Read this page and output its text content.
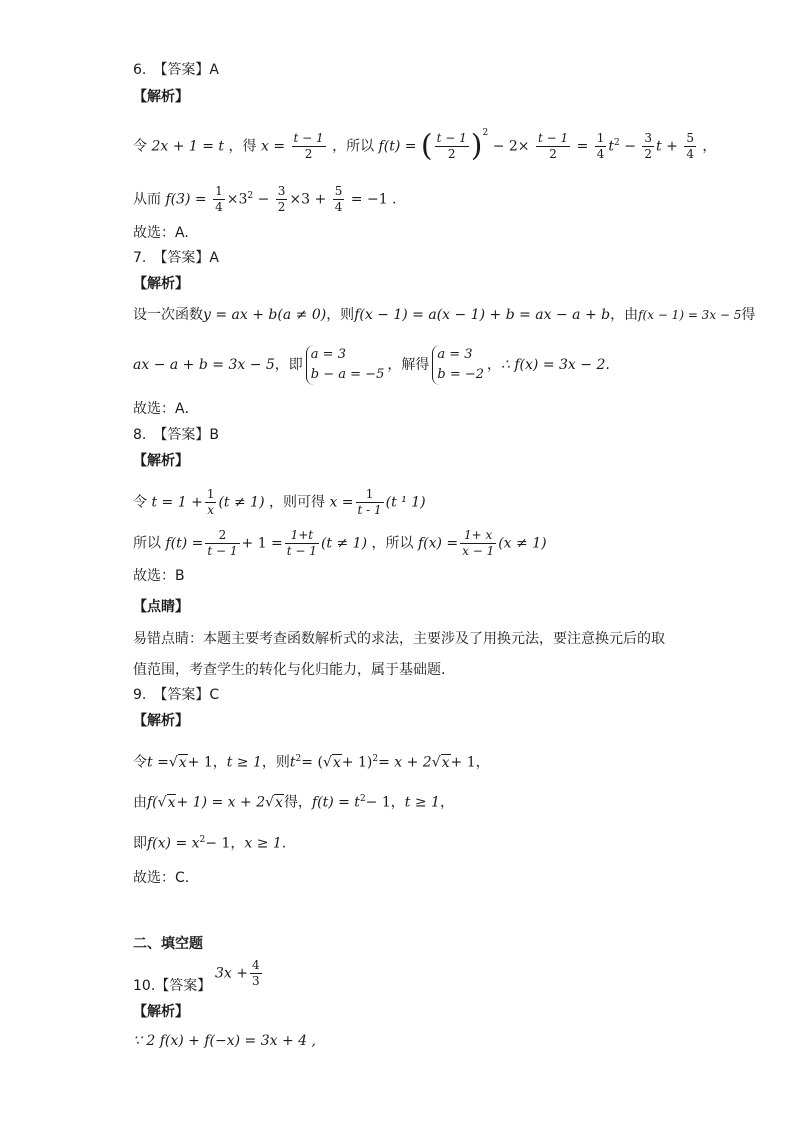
6.　【答案】A
【解析】
令 2x + 1 = t ，得 $x = \frac{t - 1}{2}$ ，所以 f(t) = ( $\frac{t - 1}{2} )^2 - 2\times \frac{t - 1}{2} = \frac{1}{4} t^2 - \frac{3}{2}$ $t + \frac{5}{4}$ ，
从而 $f(3) = \frac{1}{4} \times 3^2 - \frac{3}{2} \times 3 + \frac{5}{4} = -1$ .
故选：A.
7.　【答案】A
【解析】
设一次函数y = ax + b(a ≠ 0)，则f(x − 1) = a(x − 1) + b = ax − a + b，由f(x − 1) = 3x − 5得
ax − a + b = 3x − 5，即
a = 3
b − a = −5
，解得
a = 3
b = −2
，∴ f(x) = 3x − 2.
故选：A．
8.　【答案】B
【解析】
令 $t = 1 + \frac{1}{x} (t \ne 1)$ ，则可得 $x = \frac{1}{t - 1} (t$ ¹ 1)
所以 $f(t) = \frac{2}{t - 1} + 1 = \frac{1+t}{t - 1} (t \ne 1)$ ，所以 $f(x) = \frac{1+ x}{x - 1} (x \ne 1)$
故选：B
【点睛】
易错点睛：本题主要考查函数解析式的求法，主要涉及了用换元法，要注意换元后的取
值范围，考查学生的转化与化归能力，属于基础题.
9.　【答案】C
【解析】
令t =√x+ 1，t ≥ 1，则$t^2= (√x+ 1)^2= x + 2√x+ 1$，
由f(√x+ 1) = x + 2√x得，$f(t) = t^2- 1$，t ≥ 1，
即$f(x) = x^2- 1$，x ≥ 1.
故选：C.
二、填空题
10.【答案】
$3x + \frac{4}{3}$
【解析】
∵ 2 f(x) + f(−x) = 3x + 4 ,
